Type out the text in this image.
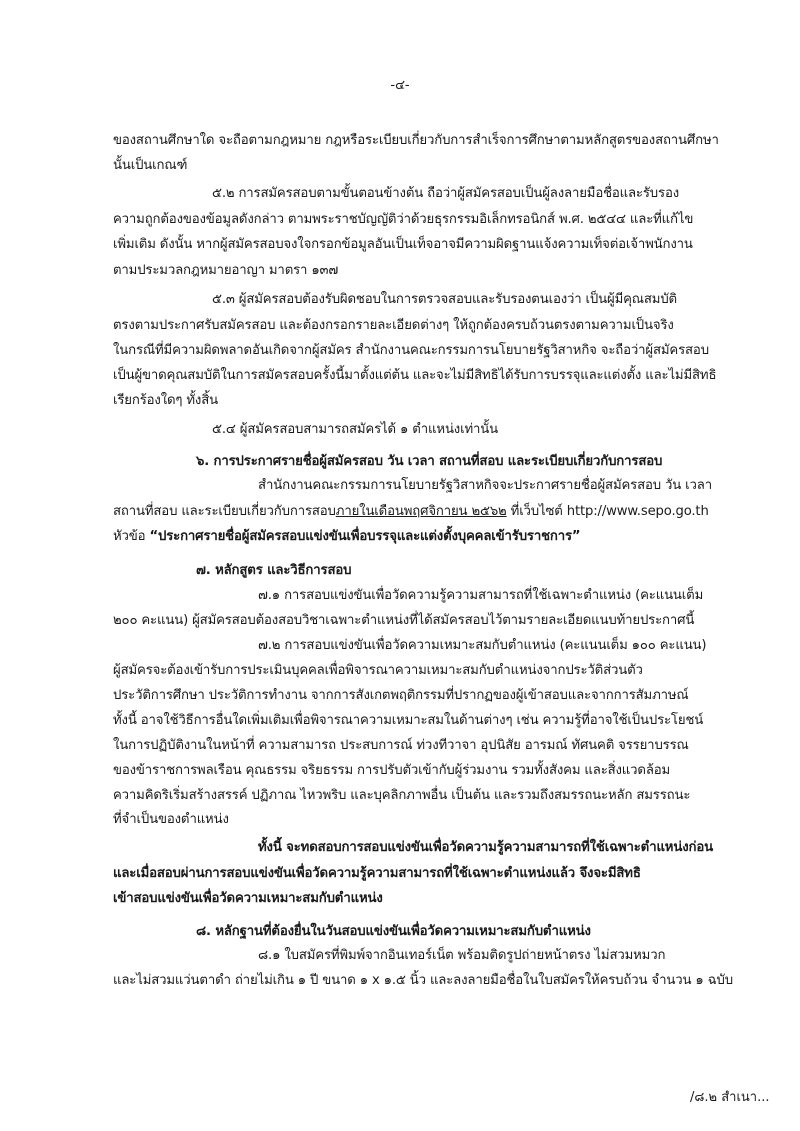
-๔-
ของสถานศึกษาใด จะถือตามกฎหมาย กฎหรือระเบียบเกี่ยวกับการสำเร็จการศึกษาตามหลักสูตรของสถานศึกษา
นั้นเป็นเกณฑ์
๕.๒ การสมัครสอบตามขั้นตอนข้างต้น ถือว่าผู้สมัครสอบเป็นผู้ลงลายมือชื่อและรับรอง
ความถูกต้องของข้อมูลดังกล่าว ตามพระราชบัญญัติว่าด้วยธุรกรรมอิเล็กทรอนิกส์ พ.ศ. ๒๕๔๔ และที่แก้ไข
เพิ่มเติม ดังนั้น หากผู้สมัครสอบจงใจกรอกข้อมูลอันเป็นเท็จอาจมีความผิดฐานแจ้งความเท็จต่อเจ้าพนักงาน
ตามประมวลกฎหมายอาญา มาตรา ๑๓๗
๕.๓ ผู้สมัครสอบต้องรับผิดชอบในการตรวจสอบและรับรองตนเองว่า เป็นผู้มีคุณสมบัติ
ตรงตามประกาศรับสมัครสอบ และต้องกรอกรายละเอียดต่างๆ ให้ถูกต้องครบถ้วนตรงตามความเป็นจริง
ในกรณีที่มีความผิดพลาดอันเกิดจากผู้สมัคร สำนักงานคณะกรรมการนโยบายรัฐวิสาหกิจ จะถือว่าผู้สมัครสอบ
เป็นผู้ขาดคุณสมบัติในการสมัครสอบครั้งนี้มาตั้งแต่ต้น และจะไม่มีสิทธิได้รับการบรรจุและแต่งตั้ง และไม่มีสิทธิ
เรียกร้องใดๆ ทั้งสิ้น
๕.๔ ผู้สมัครสอบสามารถสมัครได้ ๑ ตำแหน่งเท่านั้น
๖. การประกาศรายชื่อผู้สมัครสอบ วัน เวลา สถานที่สอบ และระเบียบเกี่ยวกับการสอบ
สำนักงานคณะกรรมการนโยบายรัฐวิสาหกิจจะประกาศรายชื่อผู้สมัครสอบ วัน เวลา
สถานที่สอบ และระเบียบเกี่ยวกับการสอบภายในเดือนพฤศจิกายน ๒๕๖๒ ที่เว็บไซต์ http://www.sepo.go.th
หัวข้อ “ประกาศรายชื่อผู้สมัครสอบแข่งขันเพื่อบรรจุและแต่งตั้งบุคคลเข้ารับราชการ”
๗. หลักสูตร และวิธีการสอบ
๗.๑ การสอบแข่งขันเพื่อวัดความรู้ความสามารถที่ใช้เฉพาะตำแหน่ง (คะแนนเต็ม
๒๐๐ คะแนน) ผู้สมัครสอบต้องสอบวิชาเฉพาะตำแหน่งที่ได้สมัครสอบไว้ตามรายละเอียดแนบท้ายประกาศนี้
๗.๒ การสอบแข่งขันเพื่อวัดความเหมาะสมกับตำแหน่ง (คะแนนเต็ม ๑๐๐ คะแนน)
ผู้สมัครจะต้องเข้ารับการประเมินบุคคลเพื่อพิจารณาความเหมาะสมกับตำแหน่งจากประวัติส่วนตัว
ประวัติการศึกษา ประวัติการทำงาน จากการสังเกตพฤติกรรมที่ปรากฏของผู้เข้าสอบและจากการสัมภาษณ์
ทั้งนี้ อาจใช้วิธีการอื่นใดเพิ่มเติมเพื่อพิจารณาความเหมาะสมในด้านต่างๆ เช่น ความรู้ที่อาจใช้เป็นประโยชน์
ในการปฏิบัติงานในหน้าที่ ความสามารถ ประสบการณ์ ท่วงทีวาจา อุปนิสัย อารมณ์ ทัศนคติ จรรยาบรรณ
ของข้าราชการพลเรือน คุณธรรม จริยธรรม การปรับตัวเข้ากับผู้ร่วมงาน รวมทั้งสังคม และสิ่งแวดล้อม
ความคิดริเริ่มสร้างสรรค์ ปฏิภาณ ไหวพริบ และบุคลิกภาพอื่น เป็นต้น และรวมถึงสมรรถนะหลัก สมรรถนะ
ที่จำเป็นของตำแหน่ง
ทั้งนี้ จะทดสอบการสอบแข่งขันเพื่อวัดความรู้ความสามารถที่ใช้เฉพาะตำแหน่งก่อน
และเมื่อสอบผ่านการสอบแข่งขันเพื่อวัดความรู้ความสามารถที่ใช้เฉพาะตำแหน่งแล้ว จึงจะมีสิทธิ
เข้าสอบแข่งขันเพื่อวัดความเหมาะสมกับตำแหน่ง
๘. หลักฐานที่ต้องยื่นในวันสอบแข่งขันเพื่อวัดความเหมาะสมกับตำแหน่ง
๘.๑ ใบสมัครที่พิมพ์จากอินเทอร์เน็ต พร้อมติดรูปถ่ายหน้าตรง ไม่สวมหมวก
และไม่สวมแว่นตาดำ ถ่ายไม่เกิน ๑ ปี ขนาด ๑ x ๑.๕ นิ้ว และลงลายมือชื่อในใบสมัครให้ครบถ้วน จำนวน ๑ ฉบับ
/๘.๒ สำเนา...
